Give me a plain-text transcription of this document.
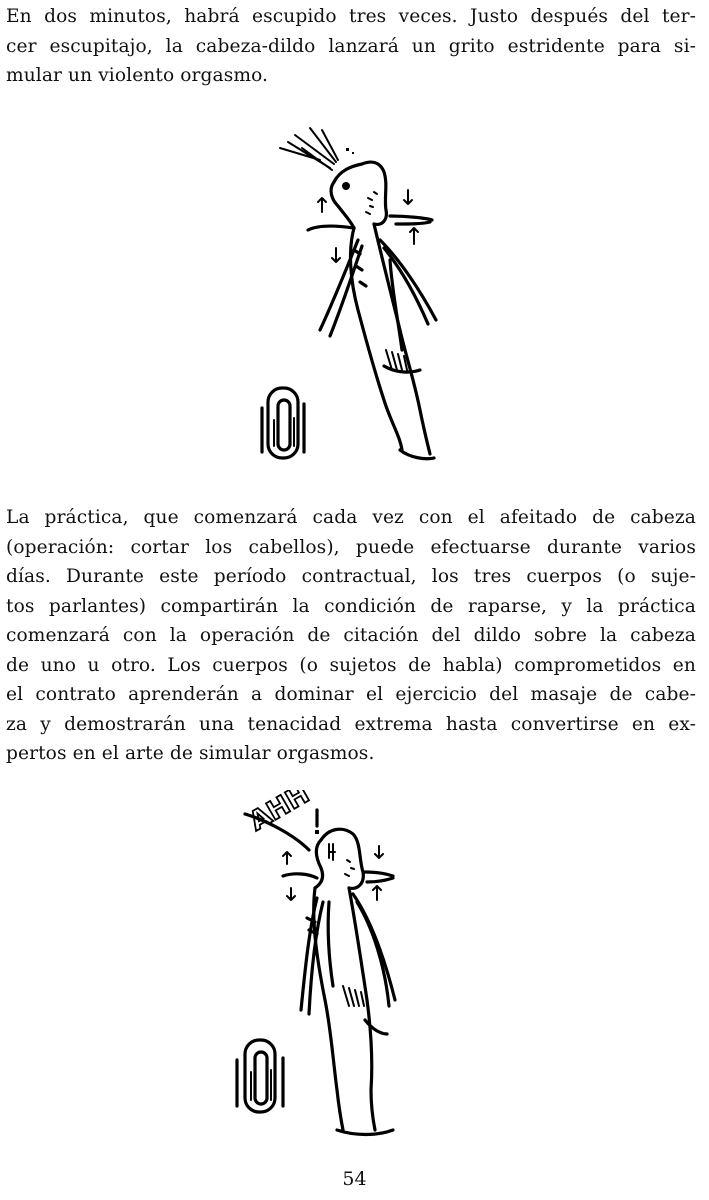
En dos minutos, habrá escupido tres veces. Justo después del ter-
cer escupitajo, la cabeza-dildo lanzará un grito estridente para si-
mular un violento orgasmo.

La práctica, que comenzará cada vez con el afeitado de cabeza
(operación: cortar los cabellos), puede efectuarse durante varios
días. Durante este período contractual, los tres cuerpos (o suje-
tos parlantes) compartirán la condición de raparse, y la práctica
comenzará con la operación de citación del dildo sobre la cabeza
de uno u otro. Los cuerpos (o sujetos de habla) comprometidos en
el contrato aprenderán a dominar el ejercicio del masaje de cabe-
za y demostrarán una tenacidad extrema hasta convertirse en ex-
pertos en el arte de simular orgasmos.

AHH
54
